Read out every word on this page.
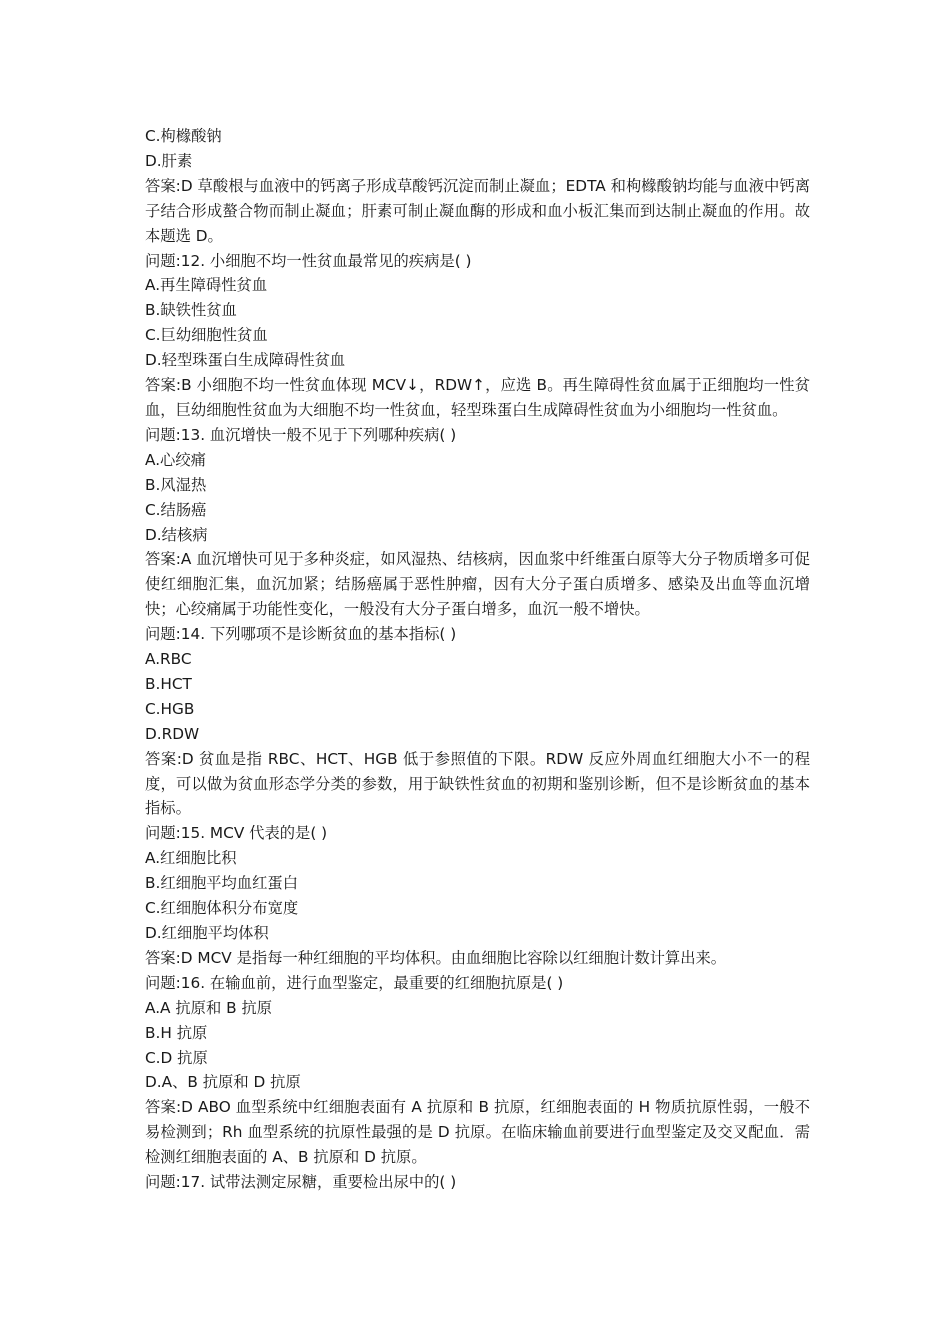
C.枸橼酸钠
D.肝素
答案:D 草酸根与血液中的钙离子形成草酸钙沉淀而制止凝血；EDTA 和枸橼酸钠均能与血液中钙离子结合形成螯合物而制止凝血；肝素可制止凝血酶的形成和血小板汇集而到达制止凝血的作用。故本题选 D。
问题:12. 小细胞不均一性贫血最常见的疾病是( )
A.再生障碍性贫血
B.缺铁性贫血
C.巨幼细胞性贫血
D.轻型珠蛋白生成障碍性贫血
答案:B 小细胞不均一性贫血体现 MCV↓，RDW↑，应选 B。再生障碍性贫血属于正细胞均一性贫血，巨幼细胞性贫血为大细胞不均一性贫血，轻型珠蛋白生成障碍性贫血为小细胞均一性贫血。
问题:13. 血沉增快一般不见于下列哪种疾病( )
A.心绞痛
B.风湿热
C.结肠癌
D.结核病
答案:A 血沉增快可见于多种炎症，如风湿热、结核病，因血浆中纤维蛋白原等大分子物质增多可促使红细胞汇集，血沉加紧；结肠癌属于恶性肿瘤，因有大分子蛋白质增多、感染及出血等血沉增快；心绞痛属于功能性变化，一般没有大分子蛋白增多，血沉一般不增快。
问题:14. 下列哪项不是诊断贫血的基本指标( )
A.RBC
B.HCT
C.HGB
D.RDW
答案:D 贫血是指 RBC、HCT、HGB 低于参照值的下限。RDW 反应外周血红细胞大小不一的程度，可以做为贫血形态学分类的参数，用于缺铁性贫血的初期和鉴别诊断，但不是诊断贫血的基本指标。
问题:15. MCV 代表的是( )
A.红细胞比积
B.红细胞平均血红蛋白
C.红细胞体积分布宽度
D.红细胞平均体积
答案:D MCV 是指每一种红细胞的平均体积。由血细胞比容除以红细胞计数计算出来。
问题:16. 在输血前，进行血型鉴定，最重要的红细胞抗原是( )
A.A 抗原和 B 抗原
B.H 抗原
C.D 抗原
D.A、B 抗原和 D 抗原
答案:D ABO 血型系统中红细胞表面有 A 抗原和 B 抗原，红细胞表面的 H 物质抗原性弱，一般不易检测到；Rh 血型系统的抗原性最强的是 D 抗原。在临床输血前要进行血型鉴定及交叉配血．需检测红细胞表面的 A、B 抗原和 D 抗原。
问题:17. 试带法测定尿糖，重要检出尿中的( )
